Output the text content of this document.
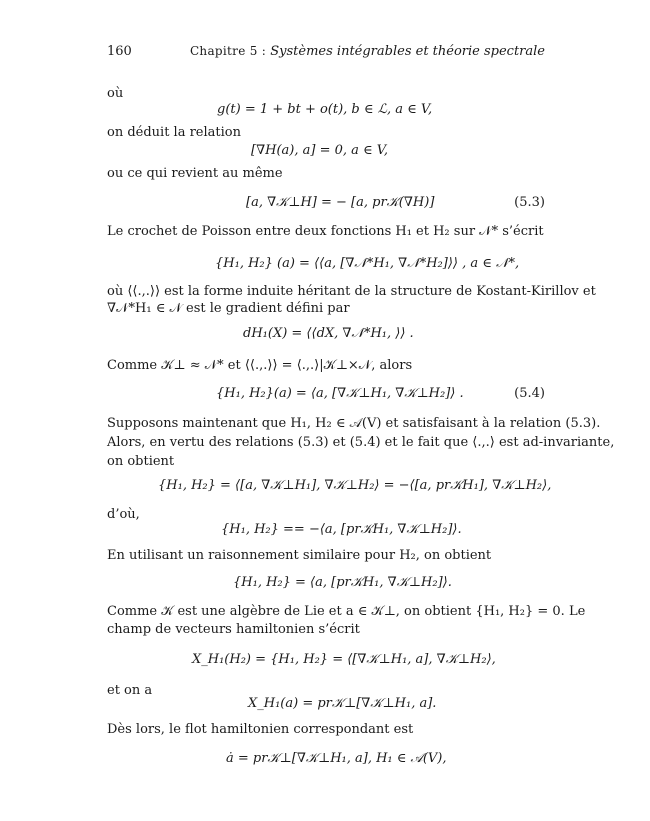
160	Chapitre 5 : Systèmes intégrables et théorie spectrale
où
g(t) = 1 + bt + o(t), b ∈ ℒ, a ∈ V,
on déduit la relation
[∇H(a), a] = 0, a ∈ V,
ou ce qui revient au même
[a, ∇𝒦⊥H] = − [a, pr𝒦(∇H)]	(5.3)
Le crochet de Poisson entre deux fonctions H₁ et H₂ sur 𝒩* s’écrit
{H₁, H₂} (a) = ⟨⟨a, [∇𝒩*H₁, ∇𝒩*H₂]⟩⟩ , a ∈ 𝒩*,
où ⟨⟨.,.⟩⟩ est la forme induite héritant de la structure de Kostant-Kirillov et
∇𝒩*H₁ ∈ 𝒩 est le gradient défini par
dH₁(X) = ⟨⟨dX, ∇𝒩*H₁, ⟩⟩ .
Comme 𝒦⊥ ≈ 𝒩* et ⟨⟨.,.⟩⟩ = ⟨.,.⟩|𝒦⊥×𝒩, alors
{H₁, H₂}(a) = ⟨a, [∇𝒦⊥H₁, ∇𝒦⊥H₂]⟩ .	(5.4)
Supposons maintenant que H₁, H₂ ∈ 𝒜(V) et satisfaisant à la relation (5.3).
Alors, en vertu des relations (5.3) et (5.4) et le fait que ⟨.,.⟩ est ad-invariante,
on obtient
{H₁, H₂} = ⟨[a, ∇𝒦⊥H₁], ∇𝒦⊥H₂⟩ = −⟨[a, pr𝒦H₁], ∇𝒦⊥H₂⟩,
d’où,
{H₁, H₂} == −⟨a, [pr𝒦H₁, ∇𝒦⊥H₂]⟩.
En utilisant un raisonnement similaire pour H₂, on obtient
{H₁, H₂} = ⟨a, [pr𝒦H₁, ∇𝒦⊥H₂]⟩.
Comme 𝒦 est une algèbre de Lie et a ∈ 𝒦⊥, on obtient {H₁, H₂} = 0. Le
champ de vecteurs hamiltonien s’écrit
X_H₁(H₂) = {H₁, H₂} = ⟨[∇𝒦⊥H₁, a], ∇𝒦⊥H₂⟩,
et on a
X_H₁(a) = pr𝒦⊥[∇𝒦⊥H₁, a].
Dès lors, le flot hamiltonien correspondant est
ȧ = pr𝒦⊥[∇𝒦⊥H₁, a], H₁ ∈ 𝒜(V),
